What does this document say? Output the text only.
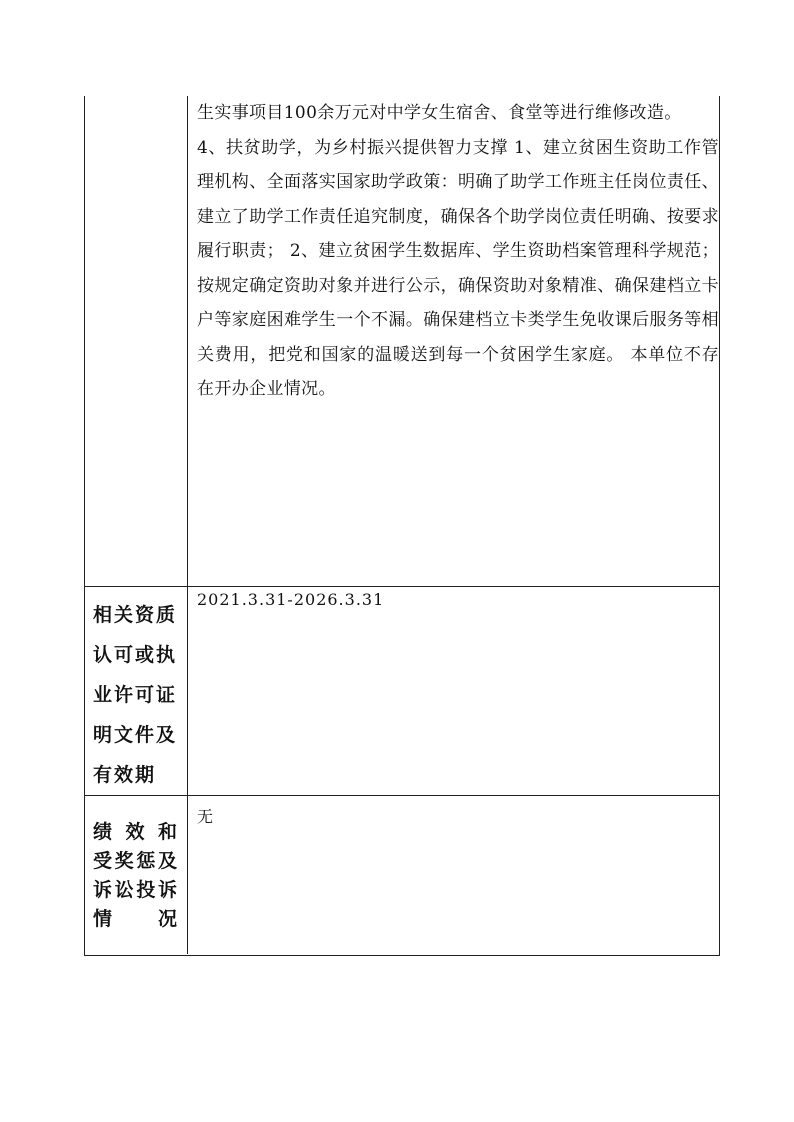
生实事项目100余万元对中学女生宿舍、食堂等进行维修改造。
4、扶贫助学，为乡村振兴提供智力支撑 1、建立贫困生资助工作管理机构、全面落实国家助学政策：明确了助学工作班主任岗位责任、建立了助学工作责任追究制度，确保各个助学岗位责任明确、按要求履行职责； 2、建立贫困学生数据库、学生资助档案管理科学规范；按规定确定资助对象并进行公示，确保资助对象精准、确保建档立卡户等家庭困难学生一个不漏。确保建档立卡类学生免收课后服务等相关费用，把党和国家的温暖送到每一个贫困学生家庭。 本单位不存在开办企业情况。

相关资质
认可或执
业许可证
明文件及
有效期

2021.3.31-2026.3.31

绩 效 和
受奖惩及
诉讼投诉
情　　况

无
